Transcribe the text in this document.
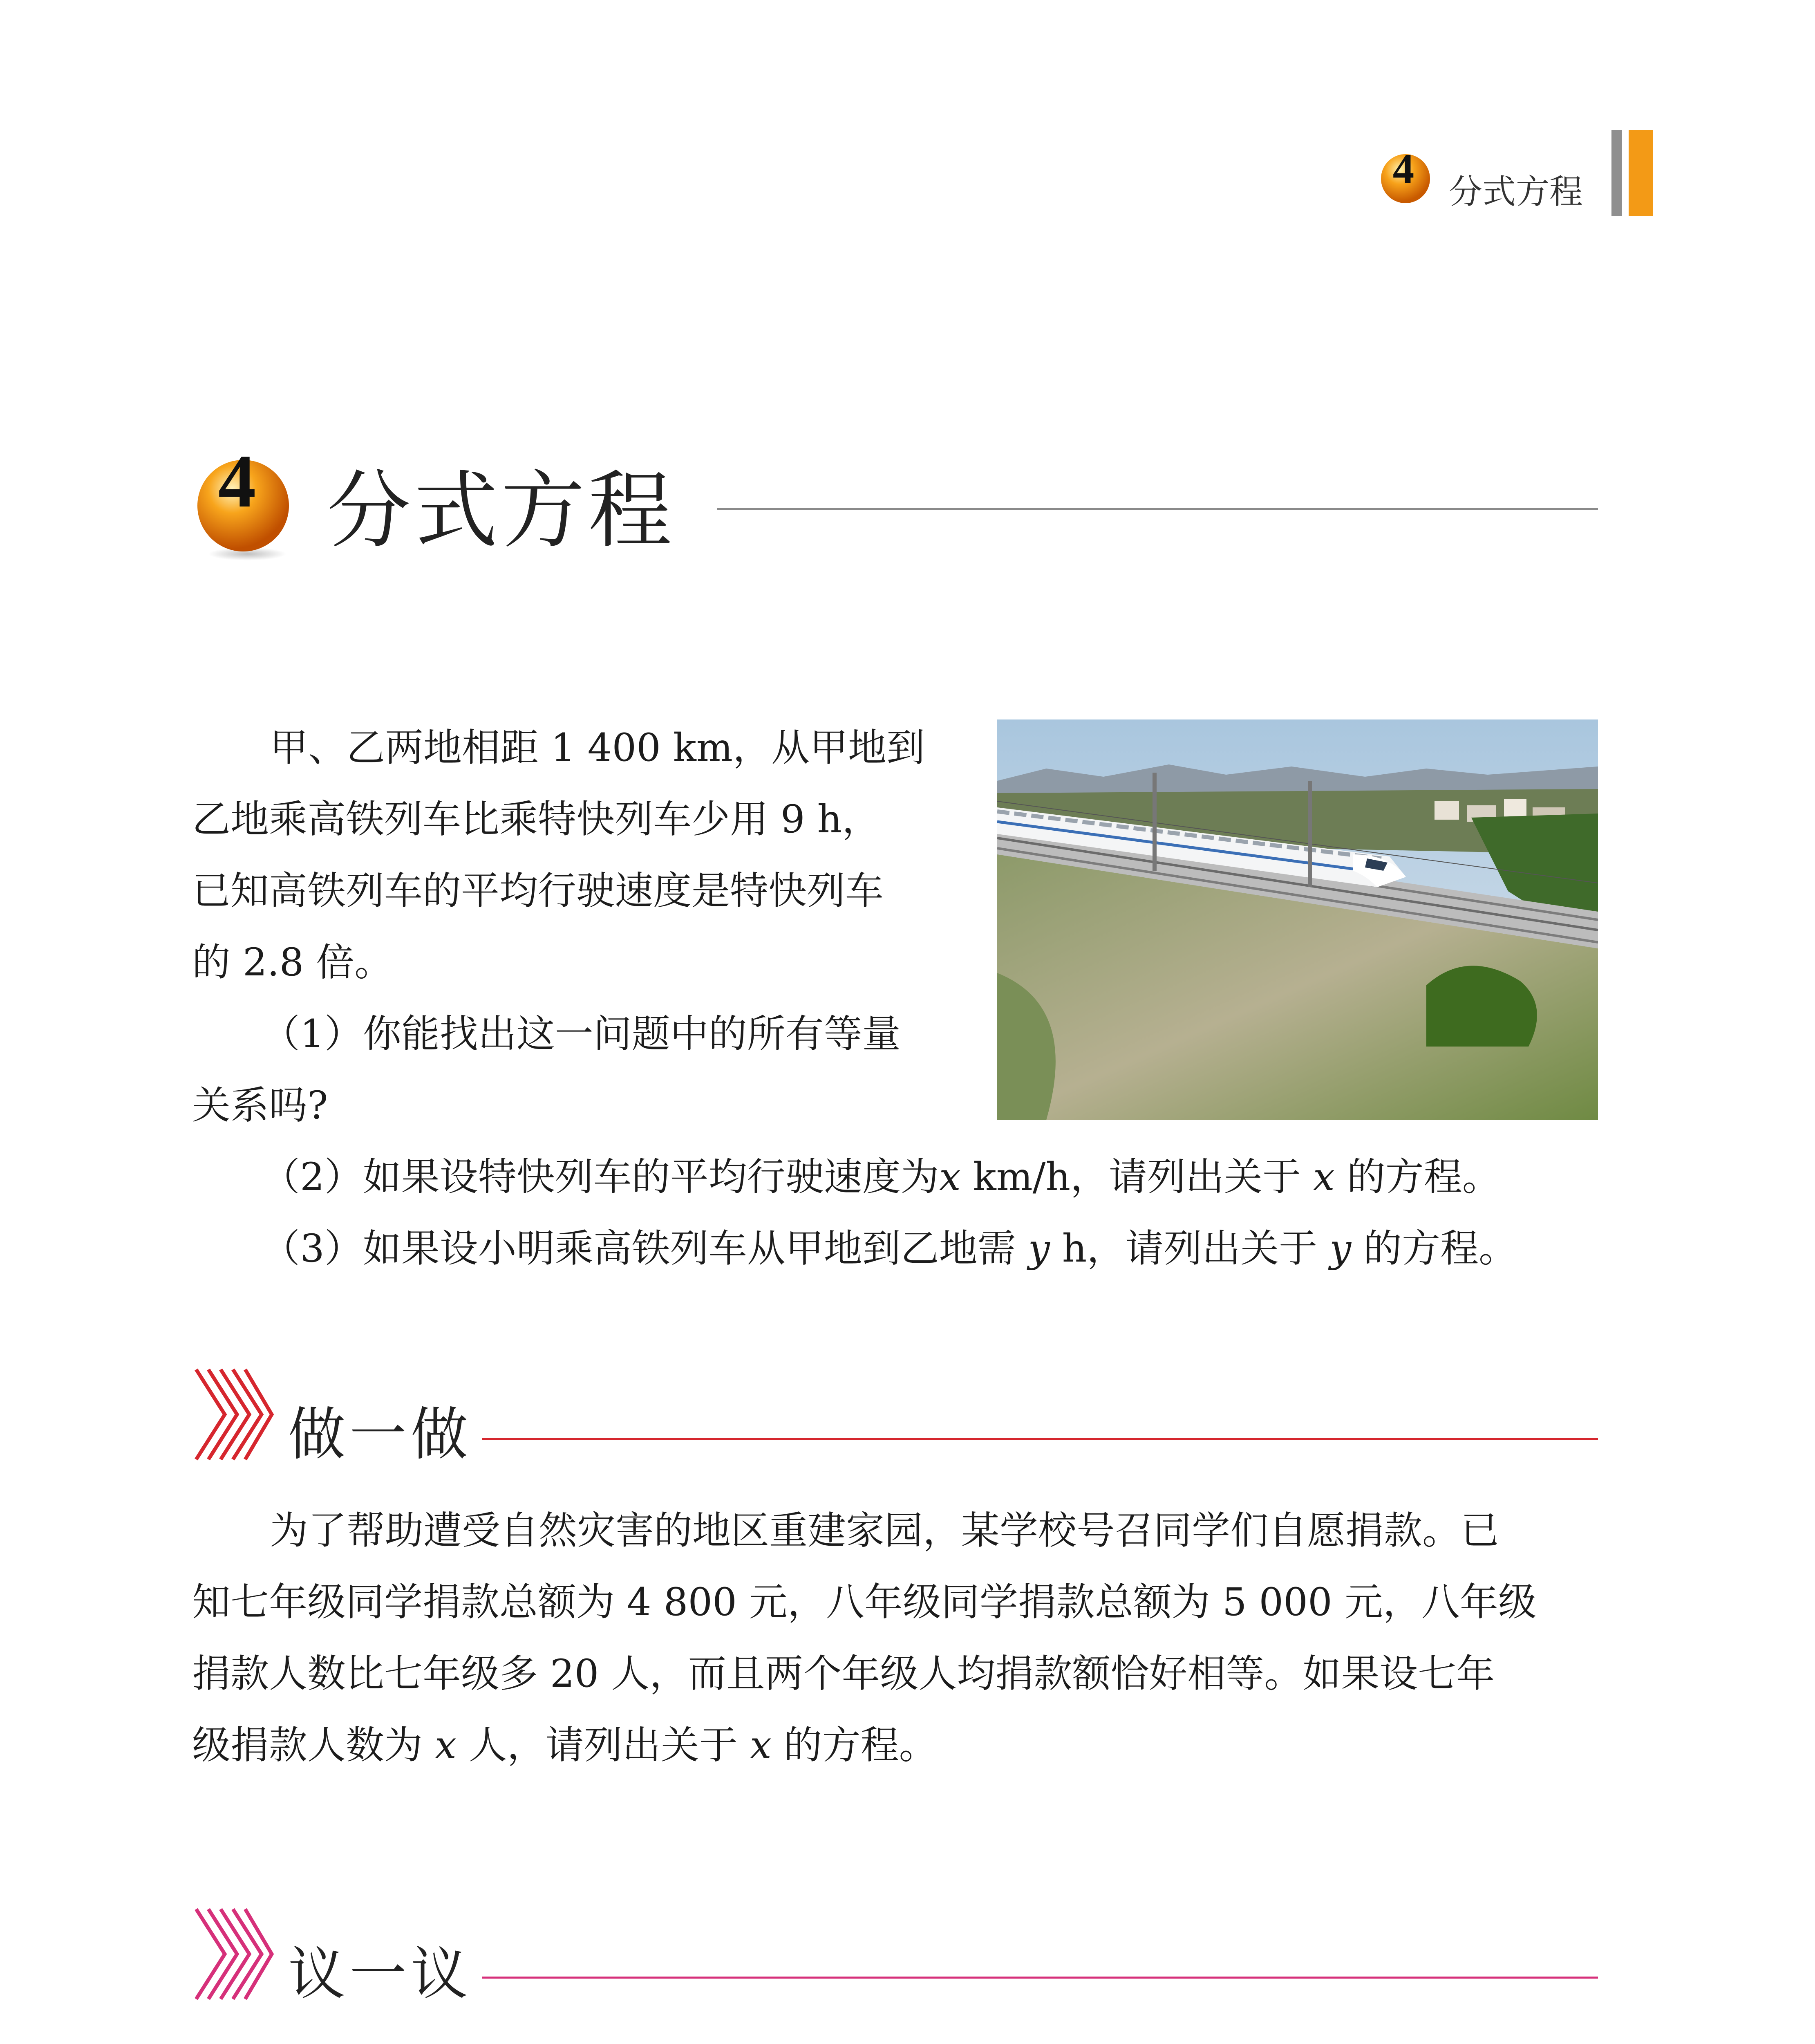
4 分式方程
4 分式方程
甲、乙两地相距 1 400 km，从甲地到
乙地乘高铁列车比乘特快列车少用 9 h，
已知高铁列车的平均行驶速度是特快列车
的 2.8 倍。
（1）你能找出这一问题中的所有等量
关系吗?
（2）如果设特快列车的平均行驶速度为x km/h，请列出关于 x 的方程。
（3）如果设小明乘高铁列车从甲地到乙地需 y h，请列出关于 y 的方程。
做一做
为了帮助遭受自然灾害的地区重建家园，某学校号召同学们自愿捐款。已
知七年级同学捐款总额为 4 800 元，八年级同学捐款总额为 5 000 元，八年级
捐款人数比七年级多 20 人，而且两个年级人均捐款额恰好相等。如果设七年
级捐款人数为 x 人，请列出关于 x 的方程。
议一议
